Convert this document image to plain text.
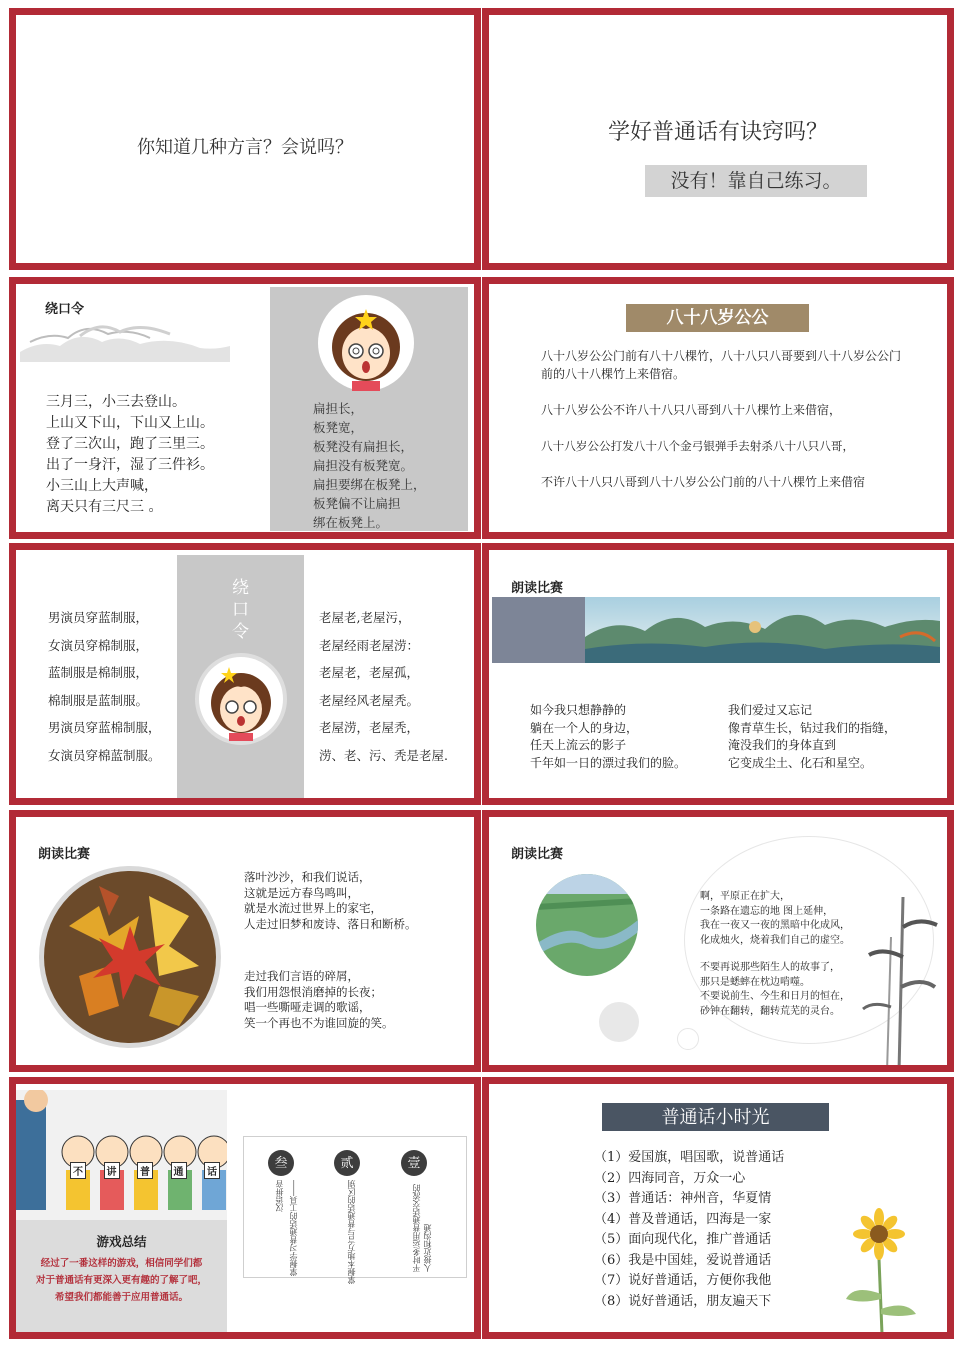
你知道几种方言？会说吗？
学好普通话有诀窍吗？
没有！靠自己练习。
绕口令
三月三，小三去登山。
上山又下山，下山又上山。
登了三次山，跑了三里三。
出了一身汗，湿了三件衫。
小三山上大声喊，
离天只有三尺三 。
扁担长，
板凳宽，
板凳没有扁担长，
扁担没有板凳宽。
扁担要绑在板凳上，
板凳偏不让扁担
绑在板凳上。
八十八岁公公
八十八岁公公门前有八十八棵竹，八十八只八哥要到八十八岁公公门前的八十八棵竹上来借宿。
八十八岁公公不许八十八只八哥到八十八棵竹上来借宿，
八十八岁公公打发八十八个金弓银弹手去射杀八十八只八哥，
不许八十八只八哥到八十八岁公公门前的八十八棵竹上来借宿
男演员穿蓝制服，
女演员穿棉制服，
蓝制服是棉制服，
棉制服是蓝制服。
男演员穿蓝棉制服，
女演员穿棉蓝制服。
绕
口
令
老屋老,老屋污，
老屋经雨老屋涝：
老屋老，老屋孤，
老屋经风老屋秃。
老屋涝，老屋秃，
涝、老、污、秃是老屋.
朗读比赛
如今我只想静静的
躺在一个人的身边，
任天上流云的影子
千年如一日的漂过我们的脸。
我们爱过又忘记
像青草生长，钻过我们的指缝，
淹没我们的身体直到
它变成尘土、化石和星空。
朗读比赛
落叶沙沙，和我们说话，
这就是远方春鸟鸣叫，
就是水流过世界上的家宅，
人走过旧梦和废诗、落日和断桥。
走过我们言语的碎屑，
我们用怨恨消磨掉的长夜；
唱一些嘶哑走调的歌谣，
笑一个再也不为谁回旋的笑。
朗读比赛
啊，平原正在扩大，
一条路在遗忘的地 图上延伸，
我在一夜又一夜的黑暗中化成风，
化成烛火，烧着我们自己的虚空。
不要再说那些陌生人的故事了，
那只是蟋蟀在枕边啃噬。
不要说前生、今生和日月的恒在，
砂钟在翻转，翻转荒芜的灵台。
不	讲	普	通	话
游戏总结
经过了一番这样的游戏，相信同学们都
对于普通话有更深入更有趣的了解了吧，
希望我们都能善于应用普通话。
叁	贰	壹
汉语拼音 掌握学习普通话的工具——	掌握本地方言与普通话的区别	平时多运用普通话交流的人接近和沟通
普通话小时光
（1）爱国旗，唱国歌，说普通话
（2）四海同音，万众一心
（3）普通话：神州音，华夏情
（4）普及普通话，四海是一家
（5）面向现代化，推广普通话
（6）我是中国娃，爱说普通话
（7）说好普通话，方便你我他
（8）说好普通话，朋友遍天下
